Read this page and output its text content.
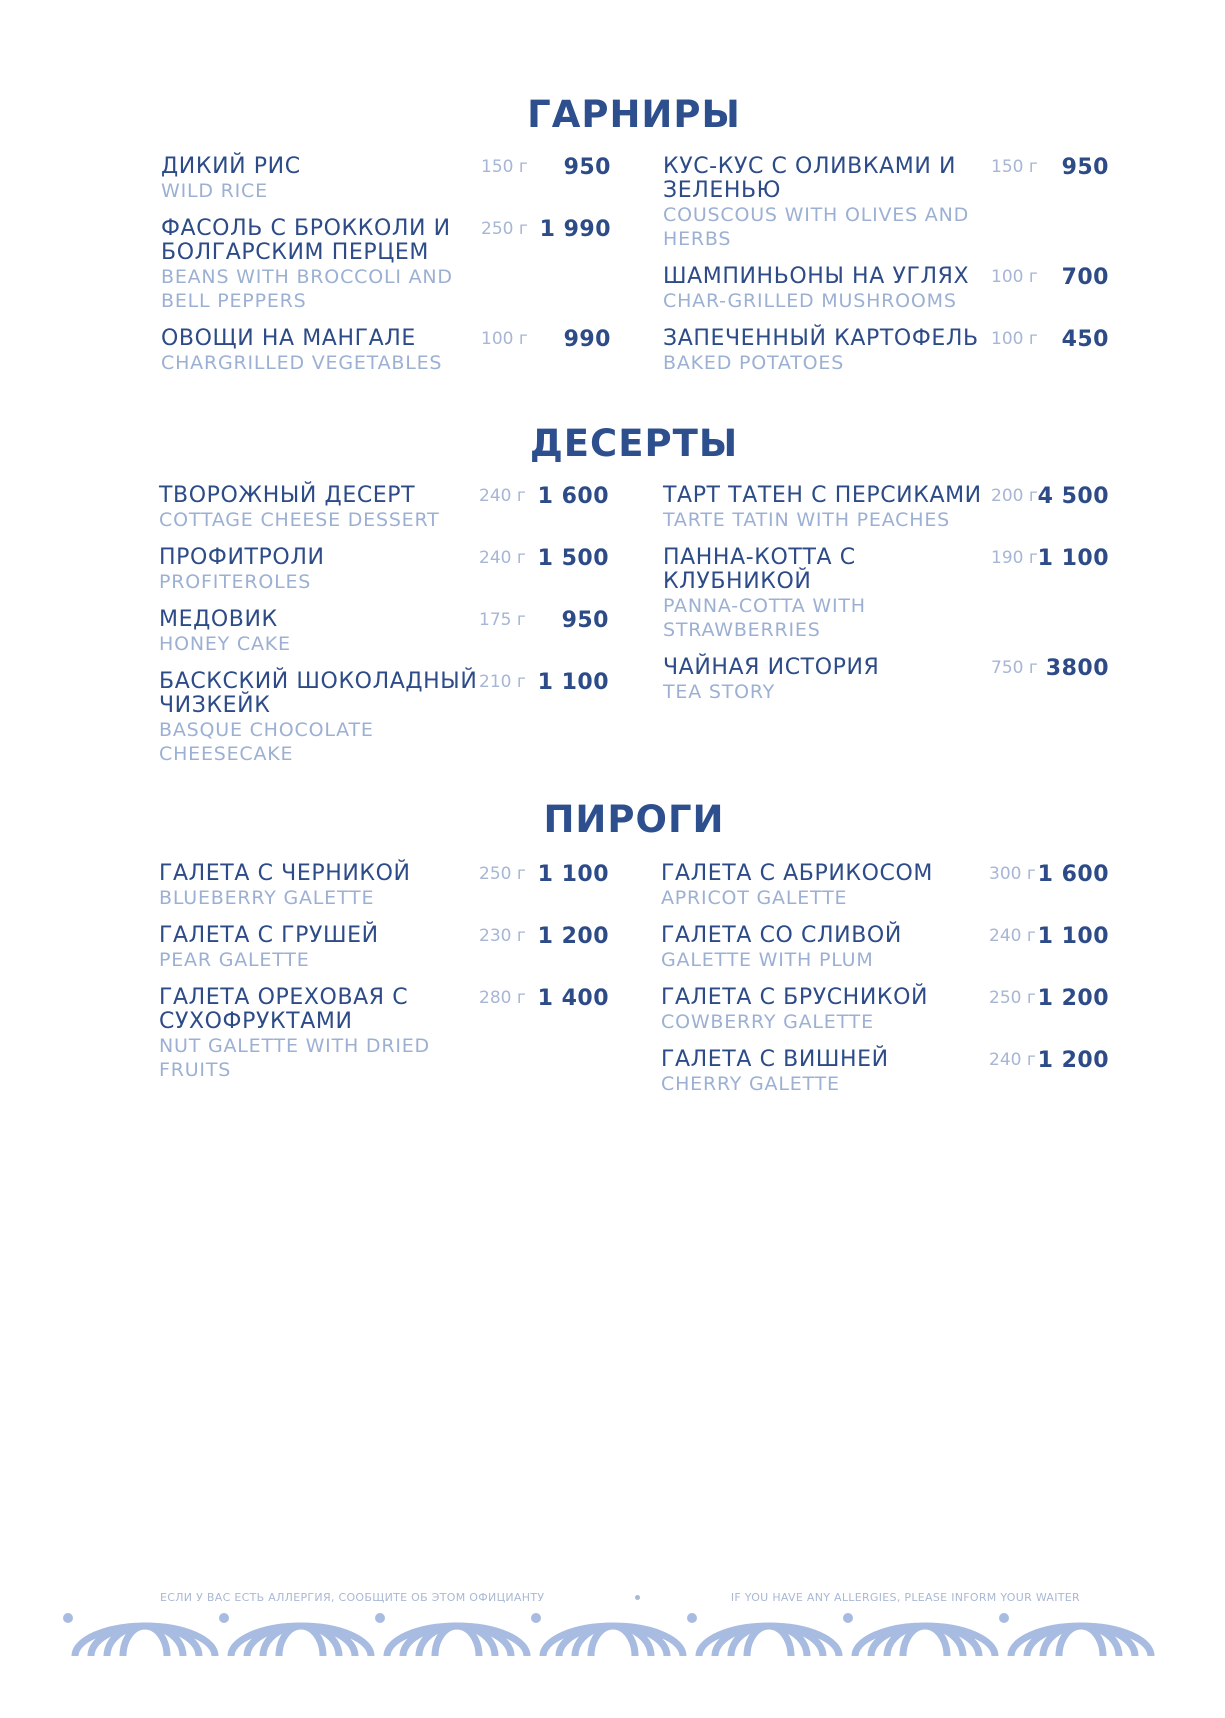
ГАРНИРЫ
ДЕСЕРТЫ
ПИРОГИ
ДИКИЙ РИС
WILD RICE
150 г 950
ФАСОЛЬ С БРОККОЛИ И БОЛГАРСКИМ ПЕРЦЕМ
BEANS WITH BROCCOLI AND BELL PEPPERS
250 г 1 990
ОВОЩИ НА МАНГАЛЕ
CHARGRILLED VEGETABLES
100 г 990
КУС-КУС С ОЛИВКАМИ И ЗЕЛЕНЬЮ
COUSCOUS WITH OLIVES AND HERBS
150 г 950
ШАМПИНЬОНЫ НА УГЛЯХ
CHAR-GRILLED MUSHROOMS
100 г 700
ЗАПЕЧЕННЫЙ КАРТОФЕЛЬ
BAKED POTATOES
100 г 450
ТВОРОЖНЫЙ ДЕСЕРТ
COTTAGE CHEESE DESSERT
240 г 1 600
ПРОФИТРОЛИ
PROFITEROLES
240 г 1 500
МЕДОВИК
HONEY CAKE
175 г 950
БАСКСКИЙ ШОКОЛАДНЫЙ ЧИЗКЕЙК
BASQUE CHOCOLATE CHEESECAKE
210 г 1 100
ТАРТ ТАТЕН С ПЕРСИКАМИ
TARTE TATIN WITH PEACHES
200 г 4 500
ПАННА-КОТТА С КЛУБНИКОЙ
PANNA-COTTA WITH STRAWBERRIES
190 г 1 100
ЧАЙНАЯ ИСТОРИЯ
TEA STORY
750 г 3800
ГАЛЕТА С ЧЕРНИКОЙ
BLUEBERRY GALETTE
250 г 1 100
ГАЛЕТА С ГРУШЕЙ
PEAR GALETTE
230 г 1 200
ГАЛЕТА ОРЕХОВАЯ С СУХОФРУКТАМИ
NUT GALETTE WITH DRIED FRUITS
280 г 1 400
ГАЛЕТА С АБРИКОСОМ
APRICOT GALETTE
300 г 1 600
ГАЛЕТА СО СЛИВОЙ
GALETTE WITH PLUM
240 г 1 100
ГАЛЕТА С БРУСНИКОЙ
COWBERRY GALETTE
250 г 1 200
ГАЛЕТА С ВИШНЕЙ
CHERRY GALETTE
240 г 1 200
ЕСЛИ У ВАС ЕСТЬ АЛЛЕРГИЯ, СООБЩИТЕ ОБ ЭТОМ ОФИЦИАНТУ	IF YOU HAVE ANY ALLERGIES, PLEASE INFORM YOUR WAITER
